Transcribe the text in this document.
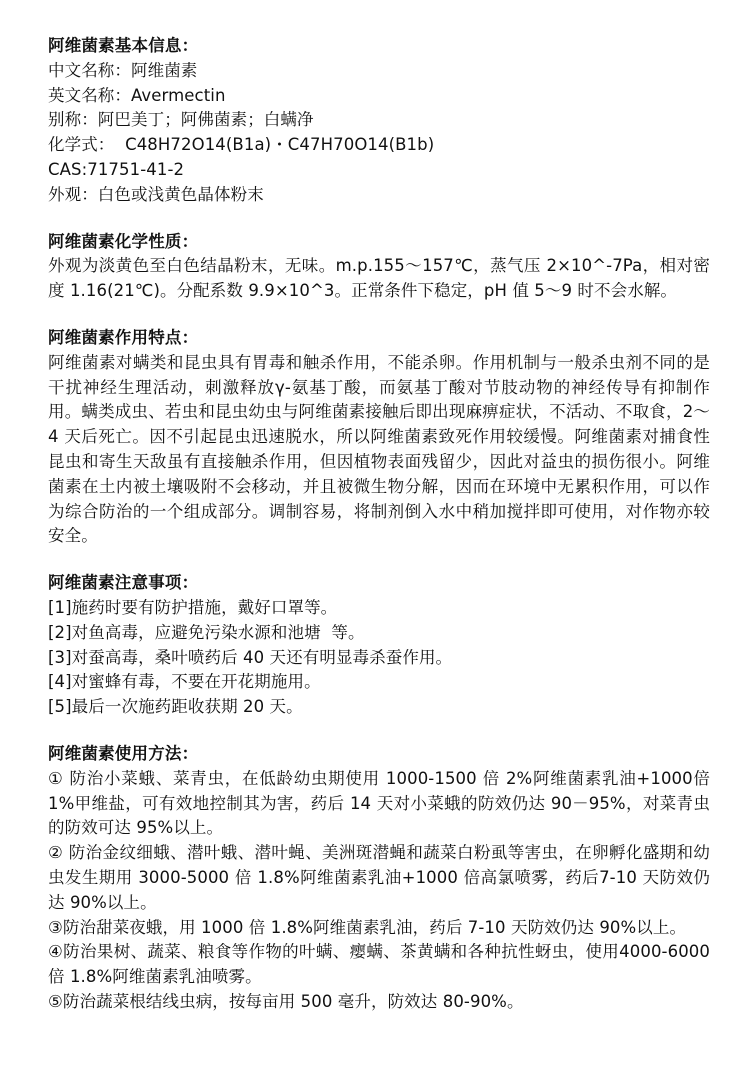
阿维菌素基本信息：
中文名称：阿维菌素
英文名称：Avermectin
别称：阿巴美丁；阿佛菌素；白螨净
化学式：  C48H72O14(B1a)・C47H70O14(B1b)
CAS:71751-41-2
外观：白色或浅黄色晶体粉末
阿维菌素化学性质：
外观为淡黄色至白色结晶粉末，无味。m.p.155～157℃，蒸气压 2×10^-7Pa，相对密度 1.16(21℃)。分配系数 9.9×10^3。正常条件下稳定，pH 值 5～9 时不会水解。
阿维菌素作用特点：
阿维菌素对螨类和昆虫具有胃毒和触杀作用，不能杀卵。作用机制与一般杀虫剂不同的是干扰神经生理活动，刺激释放γ-氨基丁酸，而氨基丁酸对节肢动物的神经传导有抑制作用。螨类成虫、若虫和昆虫幼虫与阿维菌素接触后即出现麻痹症状，不活动、不取食，2～4 天后死亡。因不引起昆虫迅速脱水，所以阿维菌素致死作用较缓慢。阿维菌素对捕食性昆虫和寄生天敌虽有直接触杀作用，但因植物表面残留少，因此对益虫的损伤很小。阿维菌素在土内被土壤吸附不会移动，并且被微生物分解，因而在环境中无累积作用，可以作为综合防治的一个组成部分。调制容易，将制剂倒入水中稍加搅拌即可使用，对作物亦较安全。
阿维菌素注意事项：
[1]施药时要有防护措施，戴好口罩等。
[2]对鱼高毒，应避免污染水源和池塘  等。
[3]对蚕高毒，桑叶喷药后 40 天还有明显毒杀蚕作用。
[4]对蜜蜂有毒，不要在开花期施用。
[5]最后一次施药距收获期 20 天。
阿维菌素使用方法：
① 防治小菜蛾、菜青虫，在低龄幼虫期使用 1000-1500 倍 2%阿维菌素乳油+1000倍 1%甲维盐，可有效地控制其为害，药后 14 天对小菜蛾的防效仍达 90－95%，对菜青虫的防效可达 95%以上。
② 防治金纹细蛾、潜叶蛾、潜叶蝇、美洲斑潜蝇和蔬菜白粉虱等害虫，在卵孵化盛期和幼虫发生期用 3000-5000 倍 1.8%阿维菌素乳油+1000 倍高氯喷雾，药后7-10 天防效仍达 90%以上。
③防治甜菜夜蛾，用 1000 倍 1.8%阿维菌素乳油，药后 7-10 天防效仍达 90%以上。
④防治果树、蔬菜、粮食等作物的叶螨、瘿螨、茶黄螨和各种抗性蚜虫，使用4000-6000 倍 1.8%阿维菌素乳油喷雾。
⑤防治蔬菜根结线虫病，按每亩用 500 毫升，防效达 80-90%。
